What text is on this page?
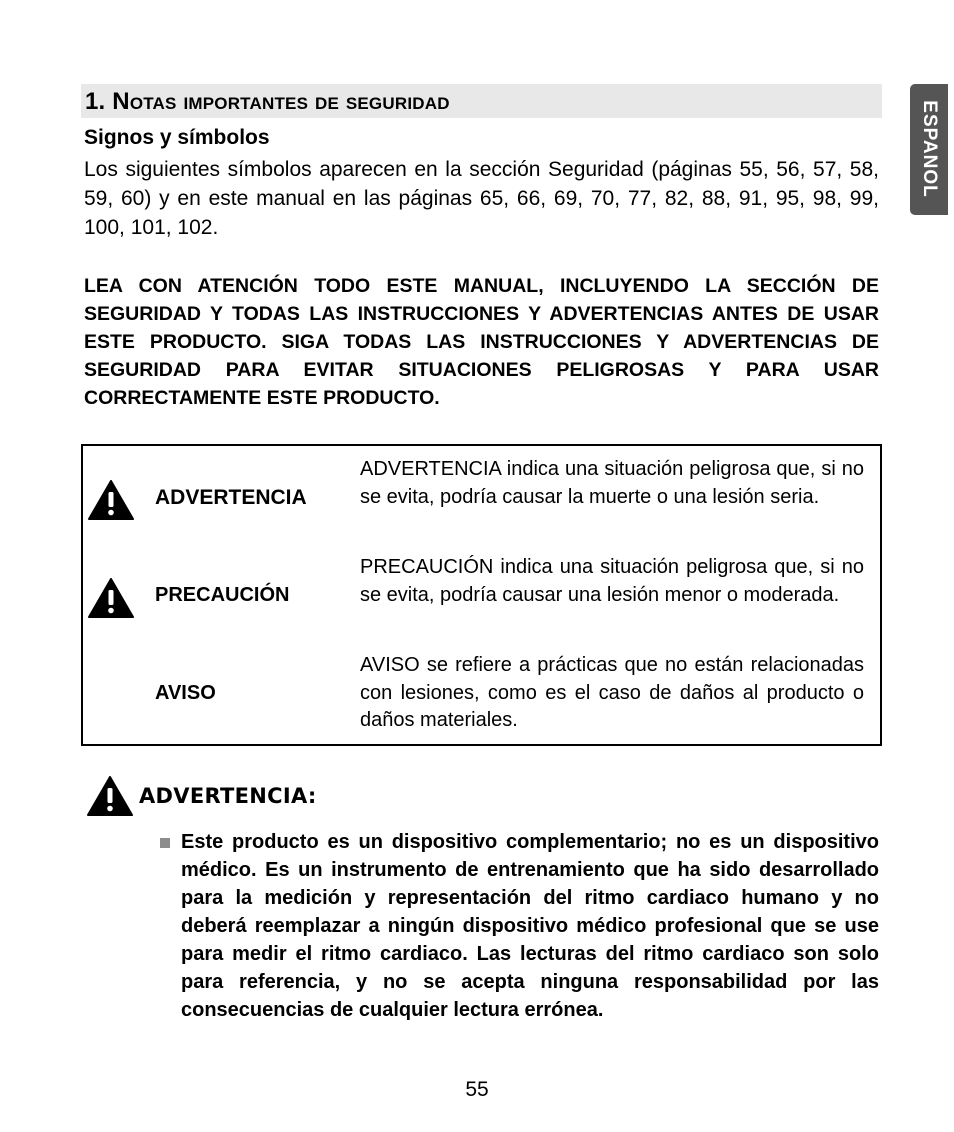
ESPANOL
1. Notas importantes de seguridad
Signos y símbolos

Los siguientes símbolos aparecen en la sección Seguridad (páginas 55, 56, 57, 58, 59, 60) y en este manual en las páginas 65, 66, 69, 70, 77, 82, 88, 91, 95, 98, 99, 100, 101, 102.

LEA CON ATENCIÓN TODO ESTE MANUAL, INCLUYENDO LA SECCIÓN DE SEGURIDAD Y TODAS LAS INSTRUCCIONES Y ADVERTENCIAS ANTES DE USAR ESTE PRODUCTO. SIGA TODAS LAS INSTRUCCIONES Y ADVERTENCIAS DE SEGURIDAD PARA EVITAR SITUACIONES PELIGROSAS Y PARA USAR CORRECTAMENTE ESTE PRODUCTO.

ADVERTENCIA

ADVERTENCIA indica una situación peligrosa que, si no se evita, podría causar la muerte o una lesión seria.

PRECAUCIÓN

PRECAUCIÓN indica una situación peligrosa que, si no se evita, podría causar una lesión menor o moderada.

AVISO

AVISO se refiere a prácticas que no están relacionadas con lesiones, como es el caso de daños al producto o daños materiales.

ADVERTENCIA:

Este producto es un dispositivo complementario; no es un dispositivo médico. Es un instrumento de entrenamiento que ha sido desarrollado para la medición y representación del ritmo cardiaco humano y no deberá reemplazar a ningún dispositivo médico profesional que se use para medir el ritmo cardiaco. Las lecturas del ritmo cardiaco son solo para referencia, y no se acepta ninguna responsabilidad por las consecuencias de cualquier lectura errónea.

55
